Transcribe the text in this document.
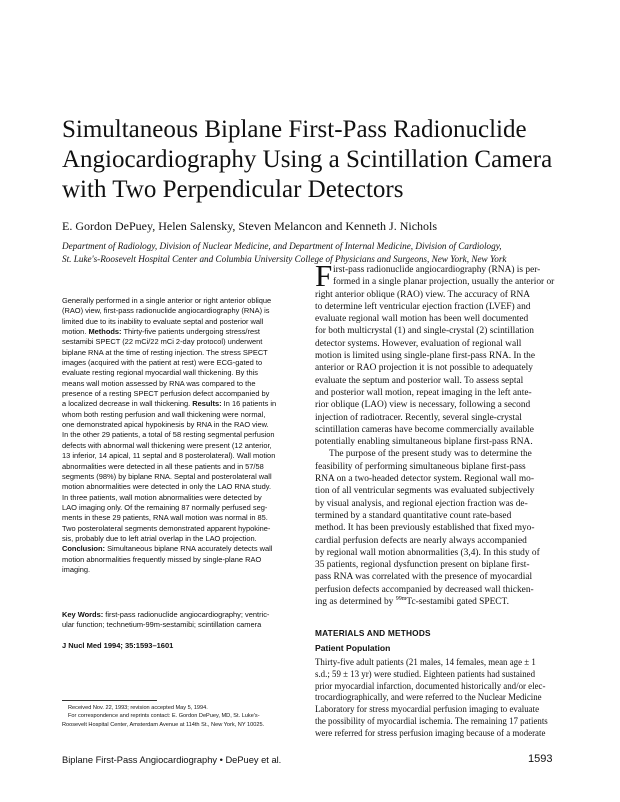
Simultaneous Biplane First-Pass Radionuclide
Angiocardiography Using a Scintillation Camera
with Two Perpendicular Detectors
E. Gordon DePuey, Helen Salensky, Steven Melancon and Kenneth J. Nichols
Department of Radiology, Division of Nuclear Medicine, and Department of Internal Medicine, Division of Cardiology,
St. Luke's-Roosevelt Hospital Center and Columbia University College of Physicians and Surgeons, New York, New York
Generally performed in a single anterior or right anterior oblique
(RAO) view, first-pass radionuclide angiocardiography (RNA) is
limited due to its inability to evaluate septal and posterior wall
motion. Methods: Thirty-five patients undergoing stress/rest
sestamibi SPECT (22 mCi/22 mCi 2-day protocol) underwent
biplane RNA at the time of resting injection. The stress SPECT
images (acquired with the patient at rest) were ECG-gated to
evaluate resting regional myocardial wall thickening. By this
means wall motion assessed by RNA was compared to the
presence of a resting SPECT perfusion defect accompanied by
a localized decrease in wall thickening. Results: In 16 patients in
whom both resting perfusion and wall thickening were normal,
one demonstrated apical hypokinesis by RNA in the RAO view.
In the other 29 patients, a total of 58 resting segmental perfusion
defects with abnormal wall thickening were present (12 anterior,
13 inferior, 14 apical, 11 septal and 8 posterolateral). Wall motion
abnormalities were detected in all these patients and in 57/58
segments (98%) by biplane RNA. Septal and posterolateral wall
motion abnormalities were detected in only the LAO RNA study.
In three patients, wall motion abnormalities were detected by
LAO imaging only. Of the remaining 87 normally perfused seg-
ments in these 29 patients, RNA wall motion was normal in 85.
Two posterolateral segments demonstrated apparent hypokine-
sis, probably due to left atrial overlap in the LAO projection.
Conclusion: Simultaneous biplane RNA accurately detects wall
motion abnormalities frequently missed by single-plane RAO
imaging.
Key Words: first-pass radionuclide angiocardiography; ventric-
ular function; technetium-99m-sestamibi; scintillation camera
J Nucl Med 1994; 35:1593–1601
Received Nov. 22, 1993; revision accepted May 5, 1994.
For correspondence and reprints contact: E. Gordon DePuey, MD, St. Luke's-
Roosevelt Hospital Center, Amsterdam Avenue at 114th St., New York, NY 10025.
F irst-pass radionuclide angiocardiography (RNA) is per-
formed in a single planar projection, usually the anterior or
right anterior oblique (RAO) view. The accuracy of RNA
to determine left ventricular ejection fraction (LVEF) and
evaluate regional wall motion has been well documented
for both multicrystal (1) and single-crystal (2) scintillation
detector systems. However, evaluation of regional wall
motion is limited using single-plane first-pass RNA. In the
anterior or RAO projection it is not possible to adequately
evaluate the septum and posterior wall. To assess septal
and posterior wall motion, repeat imaging in the left ante-
rior oblique (LAO) view is necessary, following a second
injection of radiotracer. Recently, several single-crystal
scintillation cameras have become commercially available
potentially enabling simultaneous biplane first-pass RNA.
The purpose of the present study was to determine the
feasibility of performing simultaneous biplane first-pass
RNA on a two-headed detector system. Regional wall mo-
tion of all ventricular segments was evaluated subjectively
by visual analysis, and regional ejection fraction was de-
termined by a standard quantitative count rate-based
method. It has been previously established that fixed myo-
cardial perfusion defects are nearly always accompanied
by regional wall motion abnormalities (3,4). In this study of
35 patients, regional dysfunction present on biplane first-
pass RNA was correlated with the presence of myocardial
perfusion defects accompanied by decreased wall thicken-
ing as determined by $^{99m}$Tc-sestamibi gated SPECT.
MATERIALS AND METHODS
Patient Population
Thirty-five adult patients (21 males, 14 females, mean age ± 1
s.d.; 59 ± 13 yr) were studied. Eighteen patients had sustained
prior myocardial infarction, documented historically and/or elec-
trocardiographically, and were referred to the Nuclear Medicine
Laboratory for stress myocardial perfusion imaging to evaluate
the possibility of myocardial ischemia. The remaining 17 patients
were referred for stress perfusion imaging because of a moderate
Biplane First-Pass Angiocardiography • DePuey et al.	1593
